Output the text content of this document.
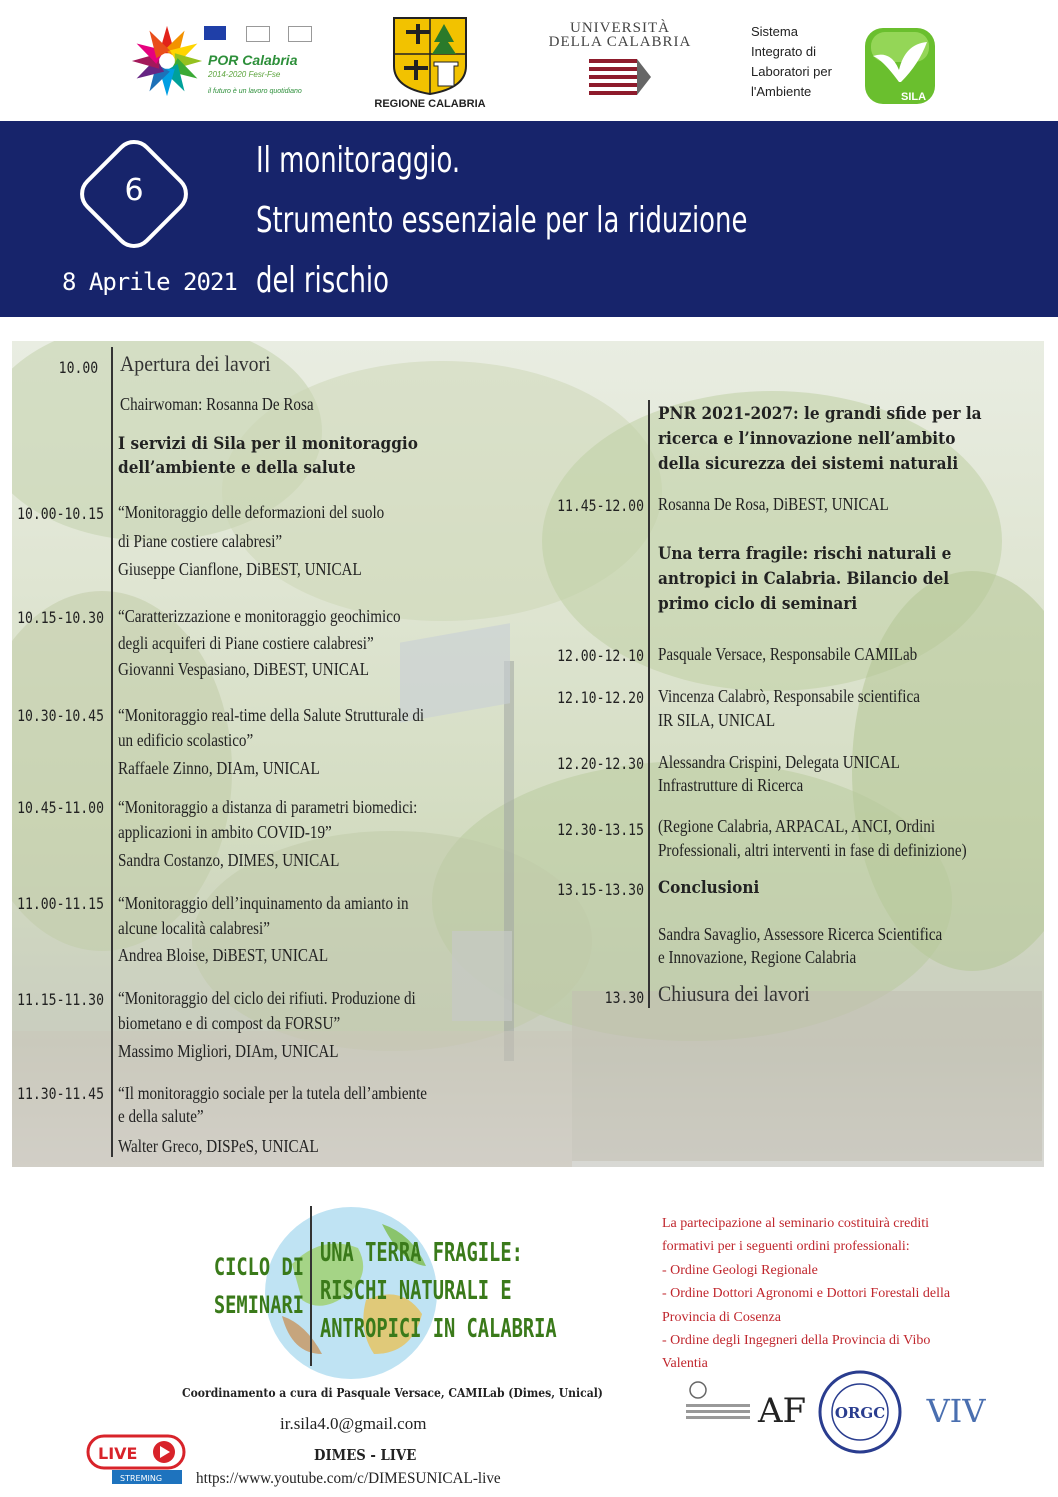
POR Calabria
2014-2020 Fesr-Fse
il futuro è un lavoro quotidiano
REGIONE CALABRIA
UNIVERSITÀ
DELLA CALABRIA
Sistema
Integrato di
Laboratori per
l'Ambiente	SILA
6
8 Aprile 2021
Il monitoraggio.
Strumento essenziale per la riduzione
del rischio
10.00 Apertura dei lavori
Chairwoman: Rosanna De Rosa
I servizi di Sila per il monitoraggio
dell’ambiente e della salute
10.00-10.15 “Monitoraggio delle deformazioni del suolo
di Piane costiere calabresi”
Giuseppe Cianflone, DiBEST, UNICAL
10.15-10.30 “Caratterizzazione e monitoraggio geochimico
degli acquiferi di Piane costiere calabresi”
Giovanni Vespasiano, DiBEST, UNICAL
10.30-10.45 “Monitoraggio real-time della Salute Strutturale di
un edificio scolastico”
Raffaele Zinno, DIAm, UNICAL
10.45-11.00 “Monitoraggio a distanza di parametri biomedici:
applicazioni in ambito COVID-19”
Sandra Costanzo, DIMES, UNICAL
11.00-11.15 “Monitoraggio dell’inquinamento da amianto in
alcune località calabresi”
Andrea Bloise, DiBEST, UNICAL
11.15-11.30 “Monitoraggio del ciclo dei rifiuti. Produzione di
biometano e di compost da FORSU”
Massimo Migliori, DIAm, UNICAL
11.30-11.45 “Il monitoraggio sociale per la tutela dell’ambiente
e della salute”
Walter Greco, DISPeS, UNICAL
PNR 2021-2027: le grandi sfide per la
ricerca e l’innovazione nell’ambito
della sicurezza dei sistemi naturali
11.45-12.00 Rosanna De Rosa, DiBEST, UNICAL
Una terra fragile: rischi naturali e
antropici in Calabria. Bilancio del
primo ciclo di seminari
12.00-12.10 Pasquale Versace, Responsabile CAMILab
12.10-12.20 Vincenza Calabrò, Responsabile scientifica
IR SILA, UNICAL
12.20-12.30 Alessandra Crispini, Delegata UNICAL
Infrastrutture di Ricerca
12.30-13.15 (Regione Calabria, ARPACAL, ANCI, Ordini
Professionali, altri interventi in fase di definizione)
13.15-13.30 Conclusioni
Sandra Savaglio, Assessore Ricerca Scientifica
e Innovazione, Regione Calabria
13.30 Chiusura dei lavori
CICLO DI
SEMINARI
UNA TERRA FRAGILE:
RISCHI NATURALI E
ANTROPICI IN CALABRIA
Coordinamento a cura di Pasquale Versace, CAMILab (Dimes, Unical)
ir.sila4.0@gmail.com
DIMES - LIVE
https://www.youtube.com/c/DIMESUNICAL-live
LIVE
STREMING
La partecipazione al seminario costituirà crediti
formativi per i seguenti ordini professionali:
- Ordine Geologi Regionale
- Ordine Dottori Agronomi e Dottori Forestali della
Provincia di Cosenza
- Ordine degli Ingegneri della Provincia di Vibo
Valentia
AF ORGC VIV
